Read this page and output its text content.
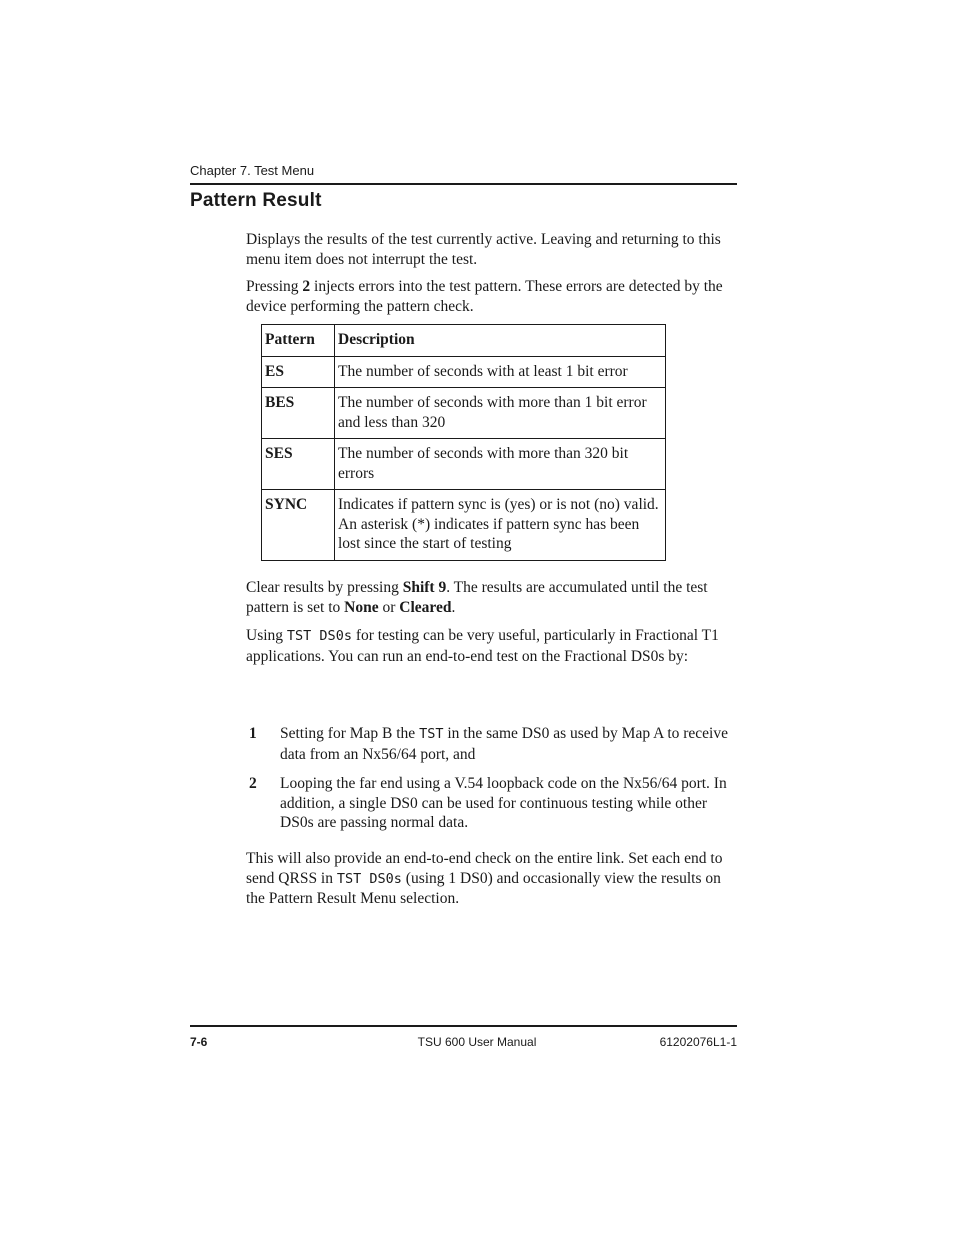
Chapter 7. Test Menu
Pattern Result
Displays the results of the test currently active. Leaving and returning to this menu item does not interrupt the test.
Pressing 2 injects errors into the test pattern. These errors are detected by the device performing the pattern check.
Pattern	Description
ES	The number of seconds with at least 1 bit error
BES	The number of seconds with more than 1 bit error and less than 320
SES	The number of seconds with more than 320 bit errors
SYNC	Indicates if pattern sync is (yes) or is not (no) valid. An asterisk (*) indicates if pattern sync has been lost since the start of testing
Clear results by pressing Shift 9. The results are accumulated until the test pattern is set to None or Cleared.
Using TST DS0s for testing can be very useful, particularly in Fractional T1 applications. You can run an end-to-end test on the Fractional DS0s by:
1 Setting for Map B the TST in the same DS0 as used by Map A to receive data from an Nx56/64 port, and
2 Looping the far end using a V.54 loopback code on the Nx56/64 port. In addition, a single DS0 can be used for continuous testing while other DS0s are passing normal data.
This will also provide an end-to-end check on the entire link. Set each end to send QRSS in TST DS0s (using 1 DS0) and occasionally view the results on the Pattern Result Menu selection.
7-6	TSU 600 User Manual	61202076L1-1
